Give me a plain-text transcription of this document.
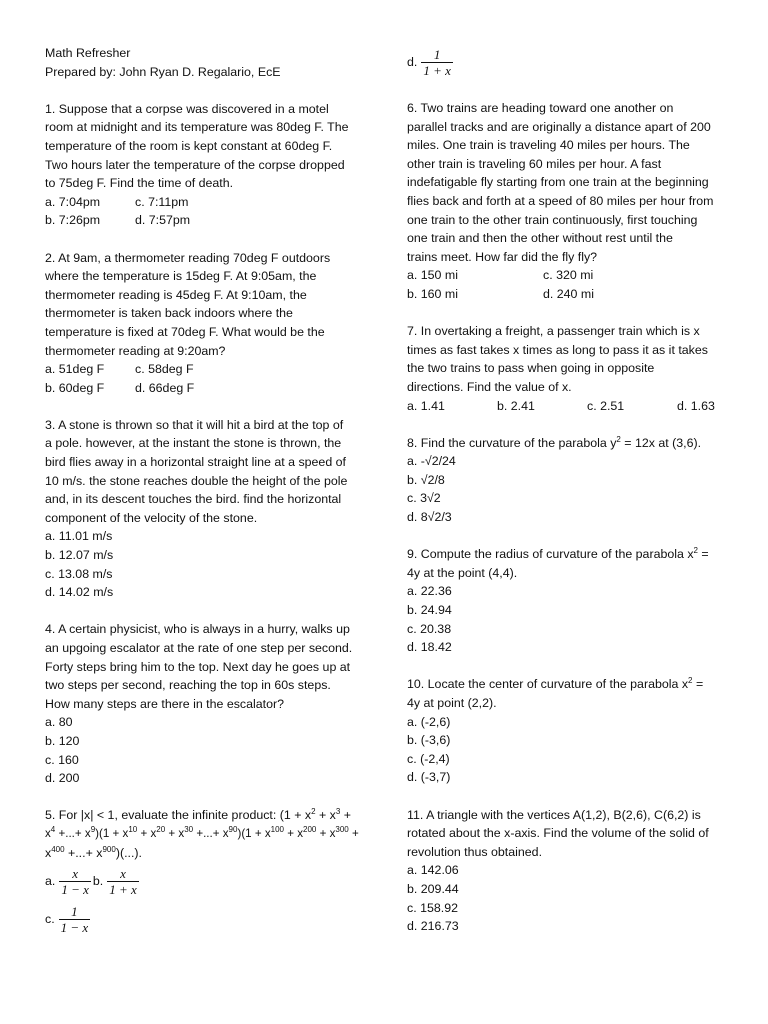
Math Refresher
Prepared by: John Ryan D. Regalario, EcE
1. Suppose that a corpse was discovered in a motel
room at midnight and its temperature was 80deg F. The
temperature of the room is kept constant at 60deg F.
Two hours later the temperature of the corpse dropped
to 75deg F. Find the time of death.
a. 7:04pm	c. 7:11pm
b. 7:26pm	d. 7:57pm
2. At 9am, a thermometer reading 70deg F outdoors
where the temperature is 15deg F. At 9:05am, the
thermometer reading is 45deg F. At 9:10am, the
thermometer is taken back indoors where the
temperature is fixed at 70deg F. What would be the
thermometer reading at 9:20am?
a. 51deg F	c. 58deg F
b. 60deg F	d. 66deg F
3. A stone is thrown so that it will hit a bird at the top of
a pole. however, at the instant the stone is thrown, the
bird flies away in a horizontal straight line at a speed of
10 m/s. the stone reaches double the height of the pole
and, in its descent touches the bird. find the horizontal
component of the velocity of the stone.
a. 11.01 m/s
b. 12.07 m/s
c. 13.08 m/s
d. 14.02 m/s
4. A certain physicist, who is always in a hurry, walks up
an upgoing escalator at the rate of one step per second.
Forty steps bring him to the top. Next day he goes up at
two steps per second, reaching the top in 60s steps.
How many steps are there in the escalator?
a. 80
b. 120
c. 160
d. 200
5. For |x| < 1, evaluate the infinite product: ($1 + x^2 + x^3$ +
$x^4$ +...+ $x^9)(1 + x^{10} + x^{20} + x^{30}$ +...+ $x^{90})(1 + x^{100} + x^{200} + x^{300}$ +
$x^{400}$ +...+ $x^{900})(...)$.
a. $\frac{x}{1 - x} b$. $\frac{x}{1 + x}$
c. $\frac{1}{1 - x}$
d. $\frac{1}{1 + x}$
6. Two trains are heading toward one another on
parallel tracks and are originally a distance apart of 200
miles. One train is traveling 40 miles per hours. The
other train is traveling 60 miles per hour. A fast
indefatigable fly starting from one train at the beginning
flies back and forth at a speed of 80 miles per hour from
one train to the other train continuously, first touching
one train and then the other without rest until the
trains meet. How far did the fly fly?
a. 150 mi	c. 320 mi
b. 160 mi	d. 240 mi
7. In overtaking a freight, a passenger train which is x
times as fast takes x times as long to pass it as it takes
the two trains to pass when going in opposite
directions. Find the value of x.
a. 1.41	b. 2.41	c. 2.51	d. 1.63
8. Find the curvature of the parabola $y^2 = 12x$ at (3,6).
a. -√2/24
b. √2/8
c. 3√2
d. 8√2/3
9. Compute the radius of curvature of the parabola $x^2$ =
4y at the point (4,4).
a. 22.36
b. 24.94
c. 20.38
d. 18.42
10. Locate the center of curvature of the parabola $x^2$ =
4y at point (2,2).
a. (-2,6)
b. (-3,6)
c. (-2,4)
d. (-3,7)
11. A triangle with the vertices A(1,2), B(2,6), C(6,2) is
rotated about the x-axis. Find the volume of the solid of
revolution thus obtained.
a. 142.06
b. 209.44
c. 158.92
d. 216.73
